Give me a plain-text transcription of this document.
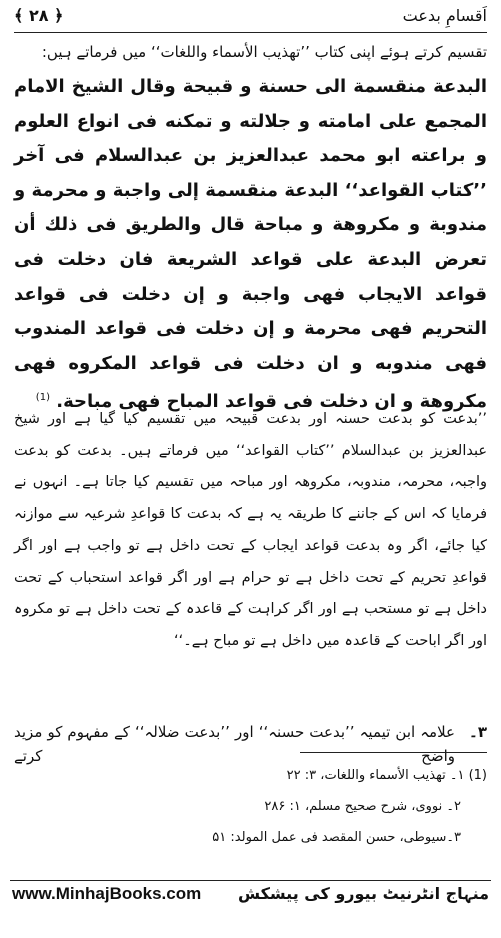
اَقسامِ بدعت
﴾ ۲۸ ﴿
تقسیم کرتے ہوئے اپنی کتاب ’’تھذیب الأسماء واللغات‘‘ میں فرماتے ہیں:
البدعة منقسمة الى حسنة و قبيحة وقال الشيخ الامام المجمع على امامته و جلالته و تمكنه فى انواع العلوم و براعته ابو محمد عبدالعزيز بن عبدالسلام فى آخر ’’كتاب القواعد‘‘ البدعة منقسمة إلى واجبة و محرمة و مندوبة و مكروهة و مباحة قال والطريق فى ذلك أن تعرض البدعة على قواعد الشريعة فان دخلت فى قواعد الايجاب فهى واجبة و إن دخلت فى قواعد التحريم فهى محرمة و إن دخلت فى قواعد المندوب فهى مندوبه و ان دخلت فى قواعد المكروه فهى مكروهة و ان دخلت فى قواعد المباح فهى مباحة. $^{(1)}$
’’بدعت کو بدعت حسنہ اور بدعت قبیحہ میں تقسیم کیا گیا ہے اور شیخ عبدالعزیز بن عبدالسلام ’’کتاب القواعد‘‘ میں فرماتے ہیں۔ بدعت کو بدعت واجبہ، محرمہ، مندوبہ، مکروھہ اور مباحہ میں تقسیم کیا جاتا ہے۔ انہوں نے فرمایا کہ اس کے جاننے کا طریقہ یہ ہے کہ بدعت کا قواعدِ شرعیہ سے موازنہ کیا جائے، اگر وہ بدعت قواعد ایجاب کے تحت داخل ہے تو واجب ہے اور اگر قواعدِ تحریم کے تحت داخل ہے تو حرام ہے اور اگر قواعد استحباب کے تحت داخل ہے تو مستحب ہے اور اگر کراہت کے قاعدہ کے تحت داخل ہے تو مکروہ اور اگر اباحت کے قاعدہ میں داخل ہے تو مباح ہے۔‘‘
۳۔
علامہ ابن تیمیہ ’’بدعت حسنہ‘‘ اور ’’بدعت ضلالہ‘‘ کے مفہوم کو مزید واضح کرتے
(1) ۱۔ تهذيب الأسماء واللغات، ۳: ۲۲
۲۔ نووى، شرح صحيح مسلم، ۱: ۲۸۶
۳۔سيوطى، حسن المقصد فى عمل المولد: ۵۱
www.MinhajBooks.com منہاج انٹرنیٹ بیورو کی پیشکش
